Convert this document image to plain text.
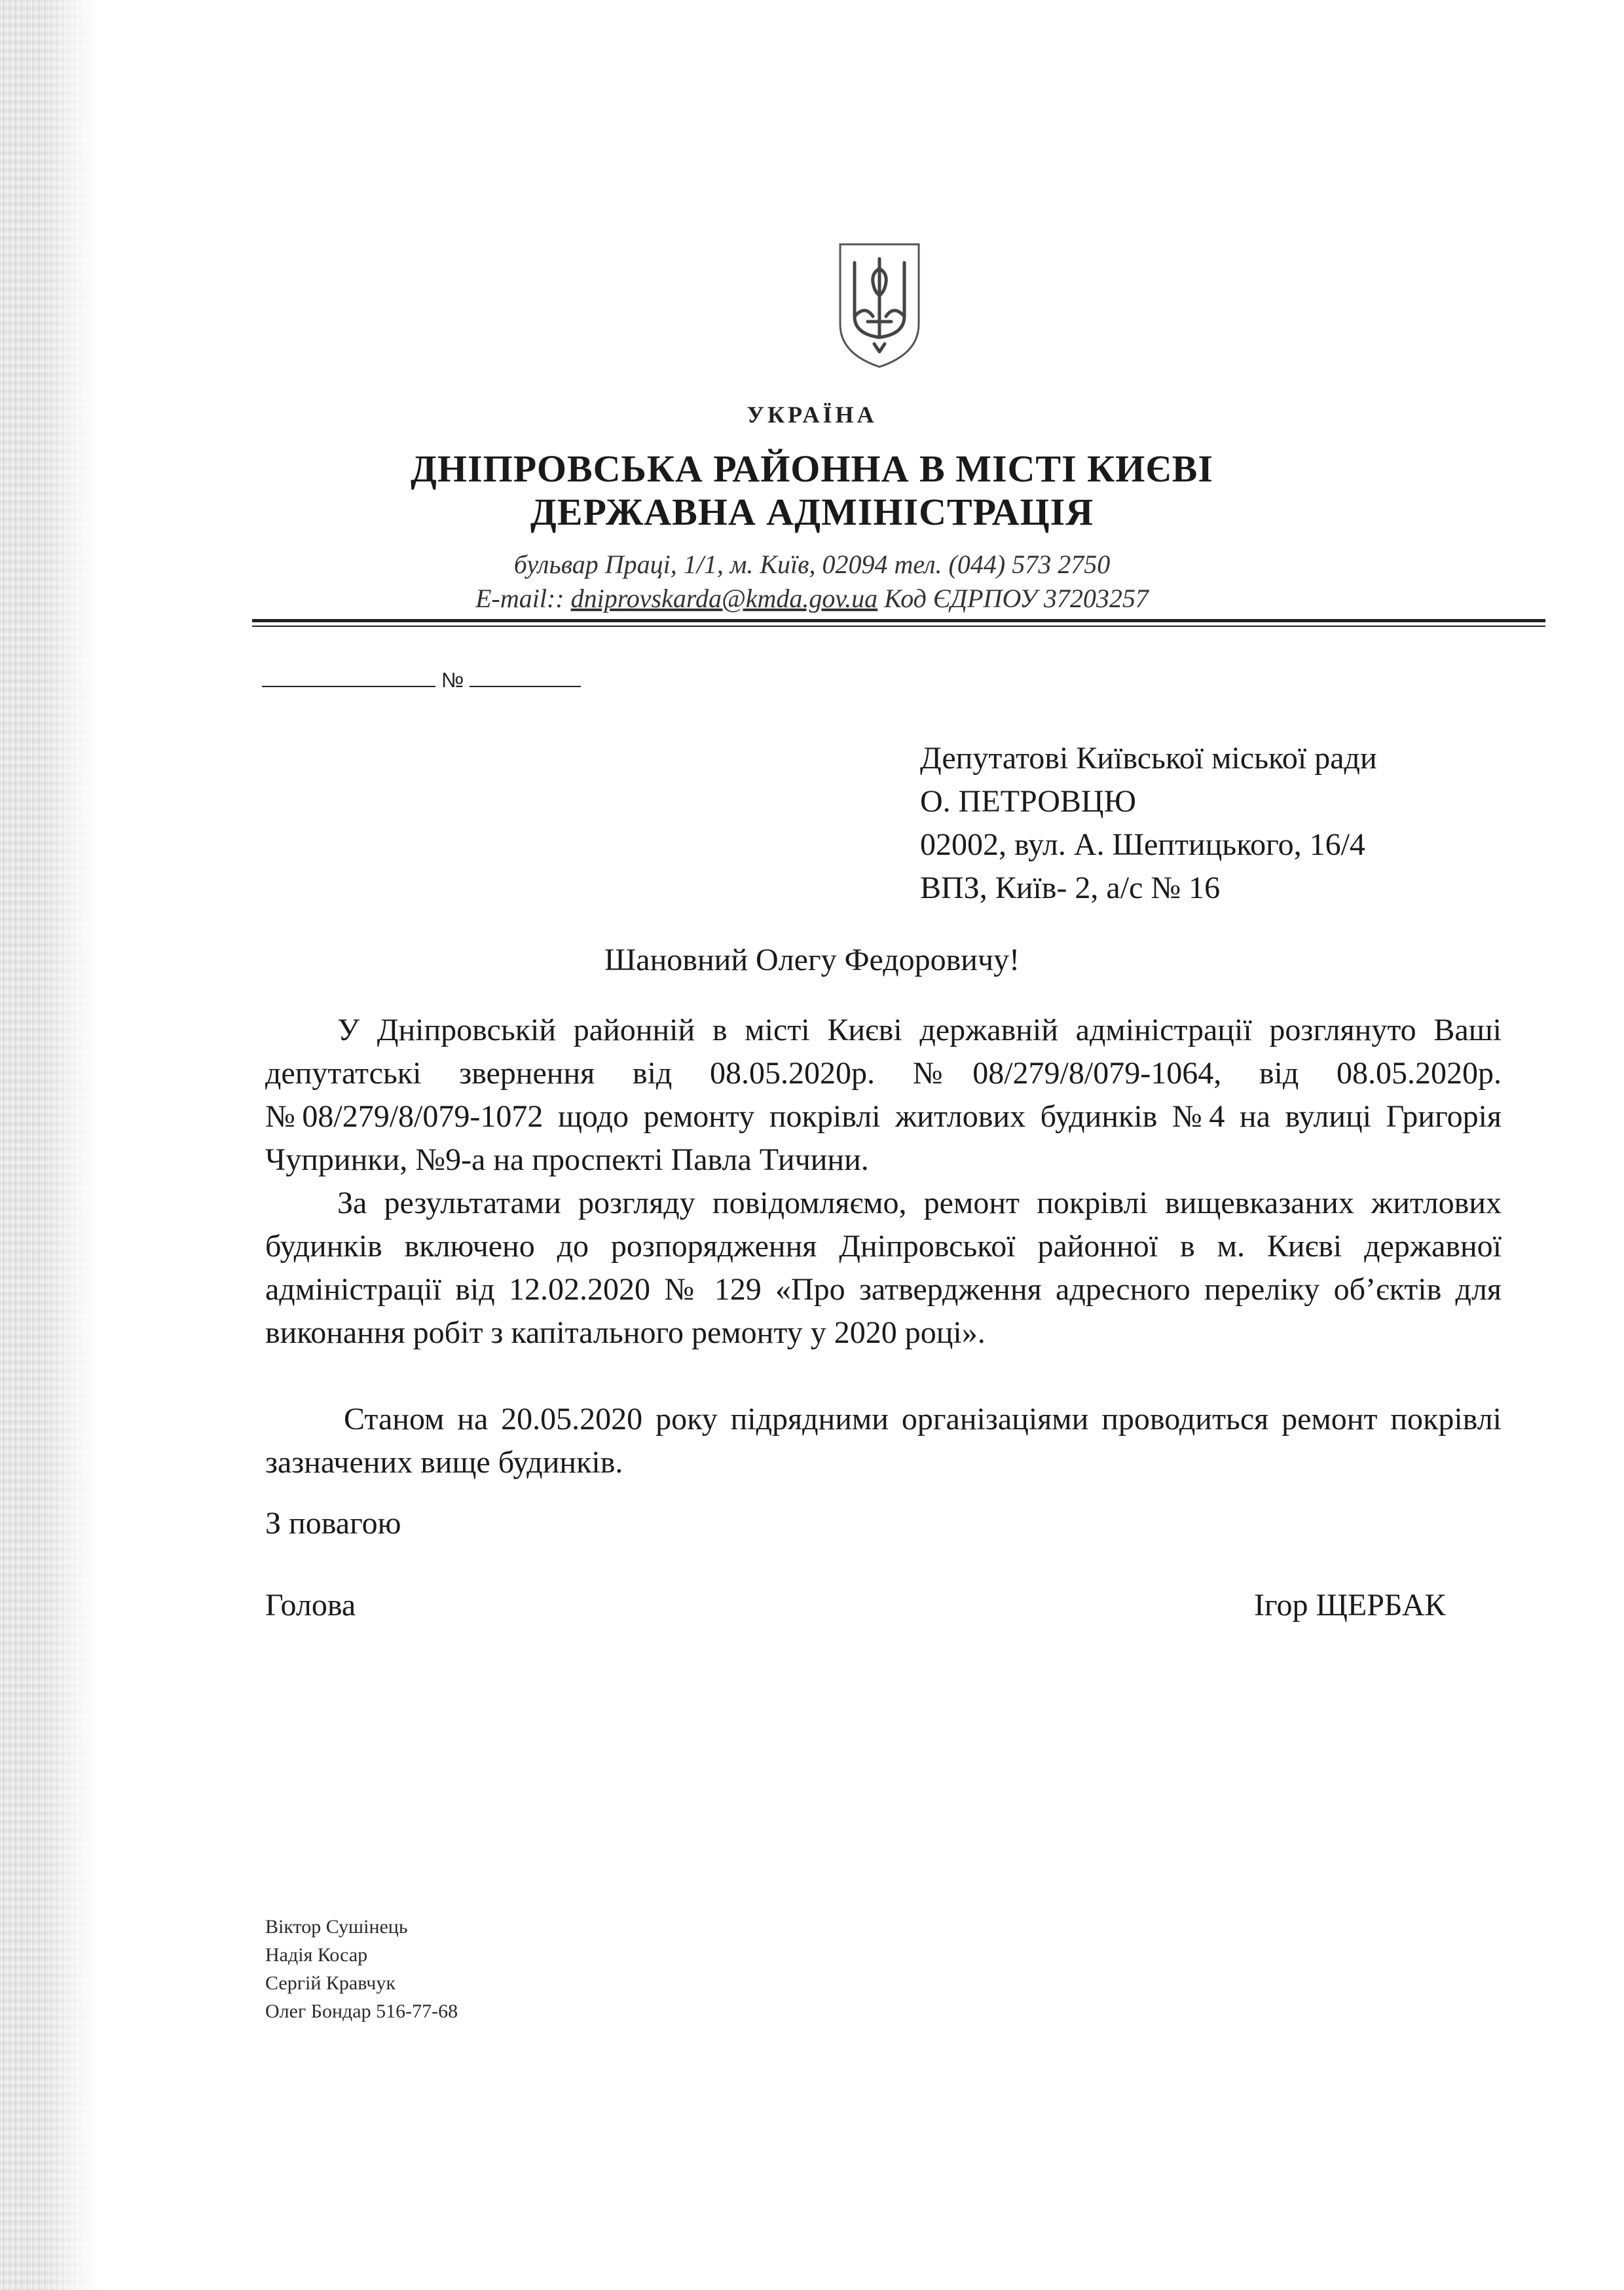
УКРАЇНА
ДНІПРОВСЬКА РАЙОННА В МІСТІ КИЄВІ
ДЕРЖАВНА АДМІНІСТРАЦІЯ
бульвар Праці, 1/1, м. Київ, 02094 тел. (044) 573 2750
E-mail:: dniprovskarda@kmda.gov.ua Код ЄДРПОУ 37203257
№
Депутатові Київської міської ради
О. ПЕТРОВЦЮ
02002, вул. А. Шептицького, 16/4
ВПЗ, Київ- 2, а/с № 16
Шановний Олегу Федоровичу!
У Дніпровській районній в місті Києві державній адміністрації розглянуто Ваші депутатські звернення від 08.05.2020р. №08/279/8/079-1064, від 08.05.2020р. №08/279/8/079-1072 щодо ремонту покрівлі житлових будинків №4 на вулиці Григорія Чупринки, №9-а на проспекті Павла Тичини.
За результатами розгляду повідомляємо, ремонт покрівлі вищевказаних житлових будинків включено до розпорядження Дніпровської районної в м. Києві державної адміністрації від 12.02.2020 № 129 «Про затвердження адресного переліку об’єктів для виконання робіт з капітального ремонту у 2020 році».
Станом на 20.05.2020 року підрядними організаціями проводиться ремонт покрівлі зазначених вище будинків.
З повагою
Голова	Ігор ЩЕРБАК
Віктор Сушінець
Надія Косар
Сергій Кравчук
Олег Бондар 516-77-68
